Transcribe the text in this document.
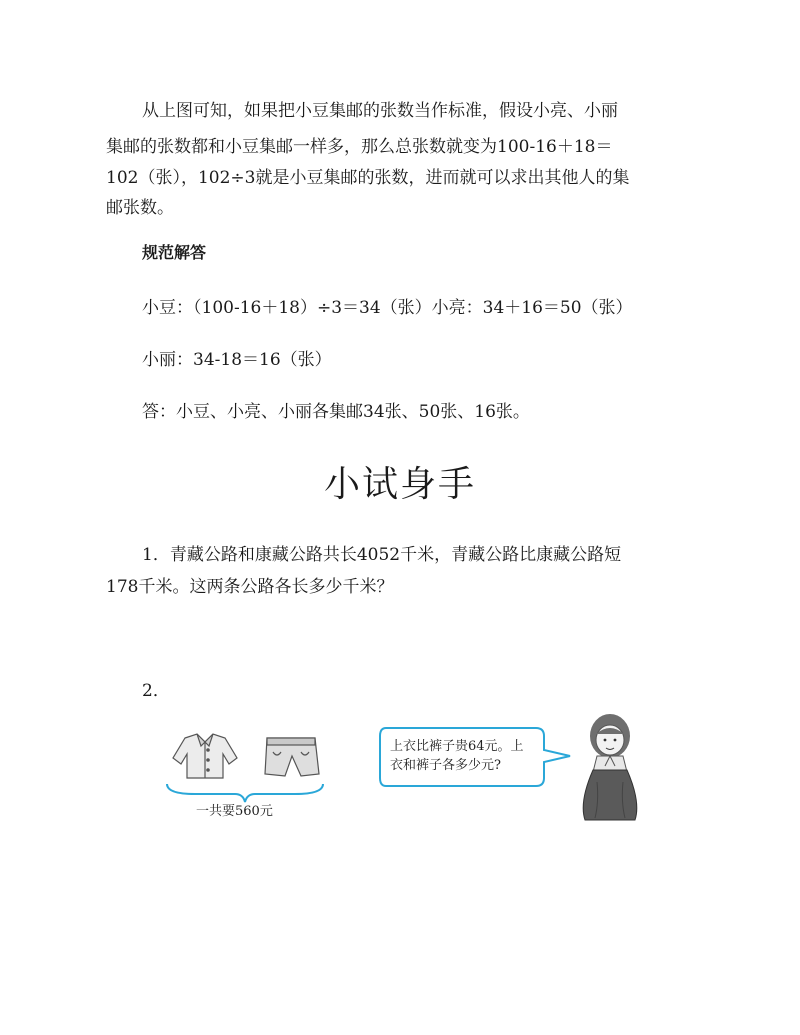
从上图可知，如果把小豆集邮的张数当作标准，假设小亮、小丽
集邮的张数都和小豆集邮一样多，那么总张数就变为100-16＋18＝
102（张），102÷3就是小豆集邮的张数，进而就可以求出其他人的集
邮张数。
规范解答
小豆：（100-16＋18）÷3＝34（张）小亮：34＋16＝50（张）
小丽：34-18＝16（张）
答：小豆、小亮、小丽各集邮34张、50张、16张。
小试身手
1．青藏公路和康藏公路共长4052千米，青藏公路比康藏公路短
178千米。这两条公路各长多少千米？
2．
一共要560元
上衣比裤子贵64元。上
衣和裤子各多少元?
